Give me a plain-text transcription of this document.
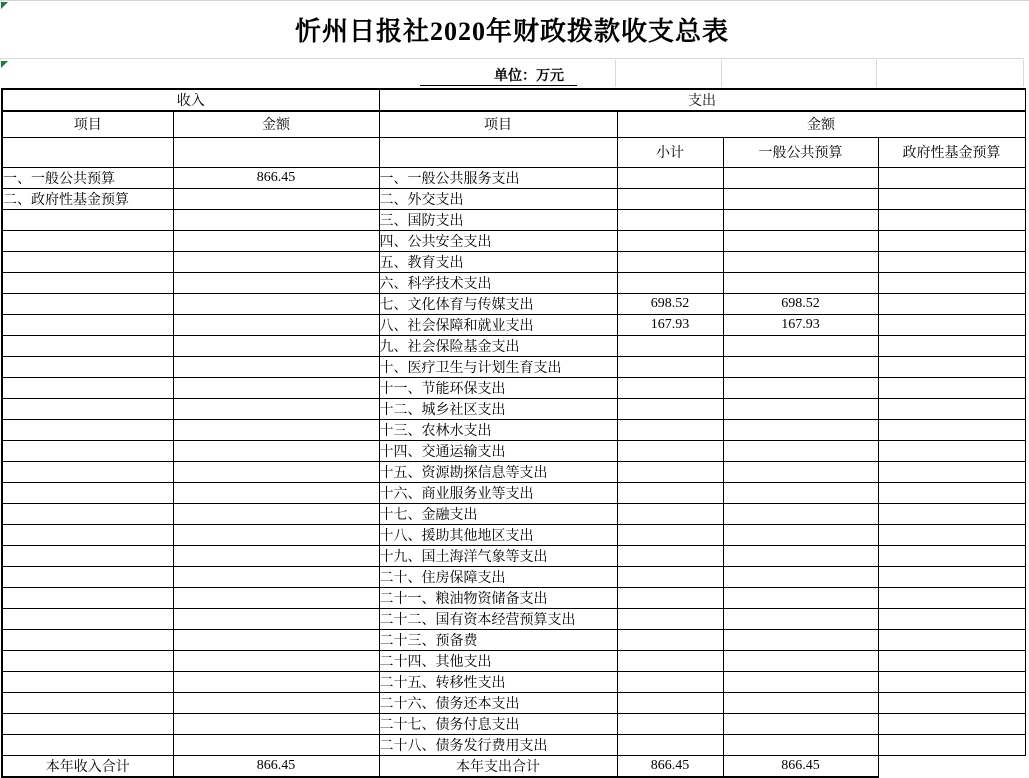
忻州日报社2020年财政拨款收支总表
单位：万元
收入		支出			
项目	金额	项目	金额		
			小计	一般公共预算	政府性基金预算
一、一般公共预算	866.45	一、一般公共服务支出			
二、政府性基金预算		二、外交支出			
		三、国防支出			
		四、公共安全支出			
		五、教育支出			
		六、科学技术支出			
		七、文化体育与传媒支出	698.52	698.52	
		八、社会保障和就业支出	167.93	167.93	
		九、社会保险基金支出			
		十、医疗卫生与计划生育支出			
		十一、节能环保支出			
		十二、城乡社区支出			
		十三、农林水支出			
		十四、交通运输支出			
		十五、资源勘探信息等支出			
		十六、商业服务业等支出			
		十七、金融支出			
		十八、援助其他地区支出			
		十九、国土海洋气象等支出			
		二十、住房保障支出			
		二十一、粮油物资储备支出			
		二十二、国有资本经营预算支出			
		二十三、预备费			
		二十四、其他支出			
		二十五、转移性支出			
		二十六、债务还本支出			
		二十七、债务付息支出			
		二十八、债务发行费用支出			
本年收入合计	866.45	本年支出合计	866.45	866.45	
